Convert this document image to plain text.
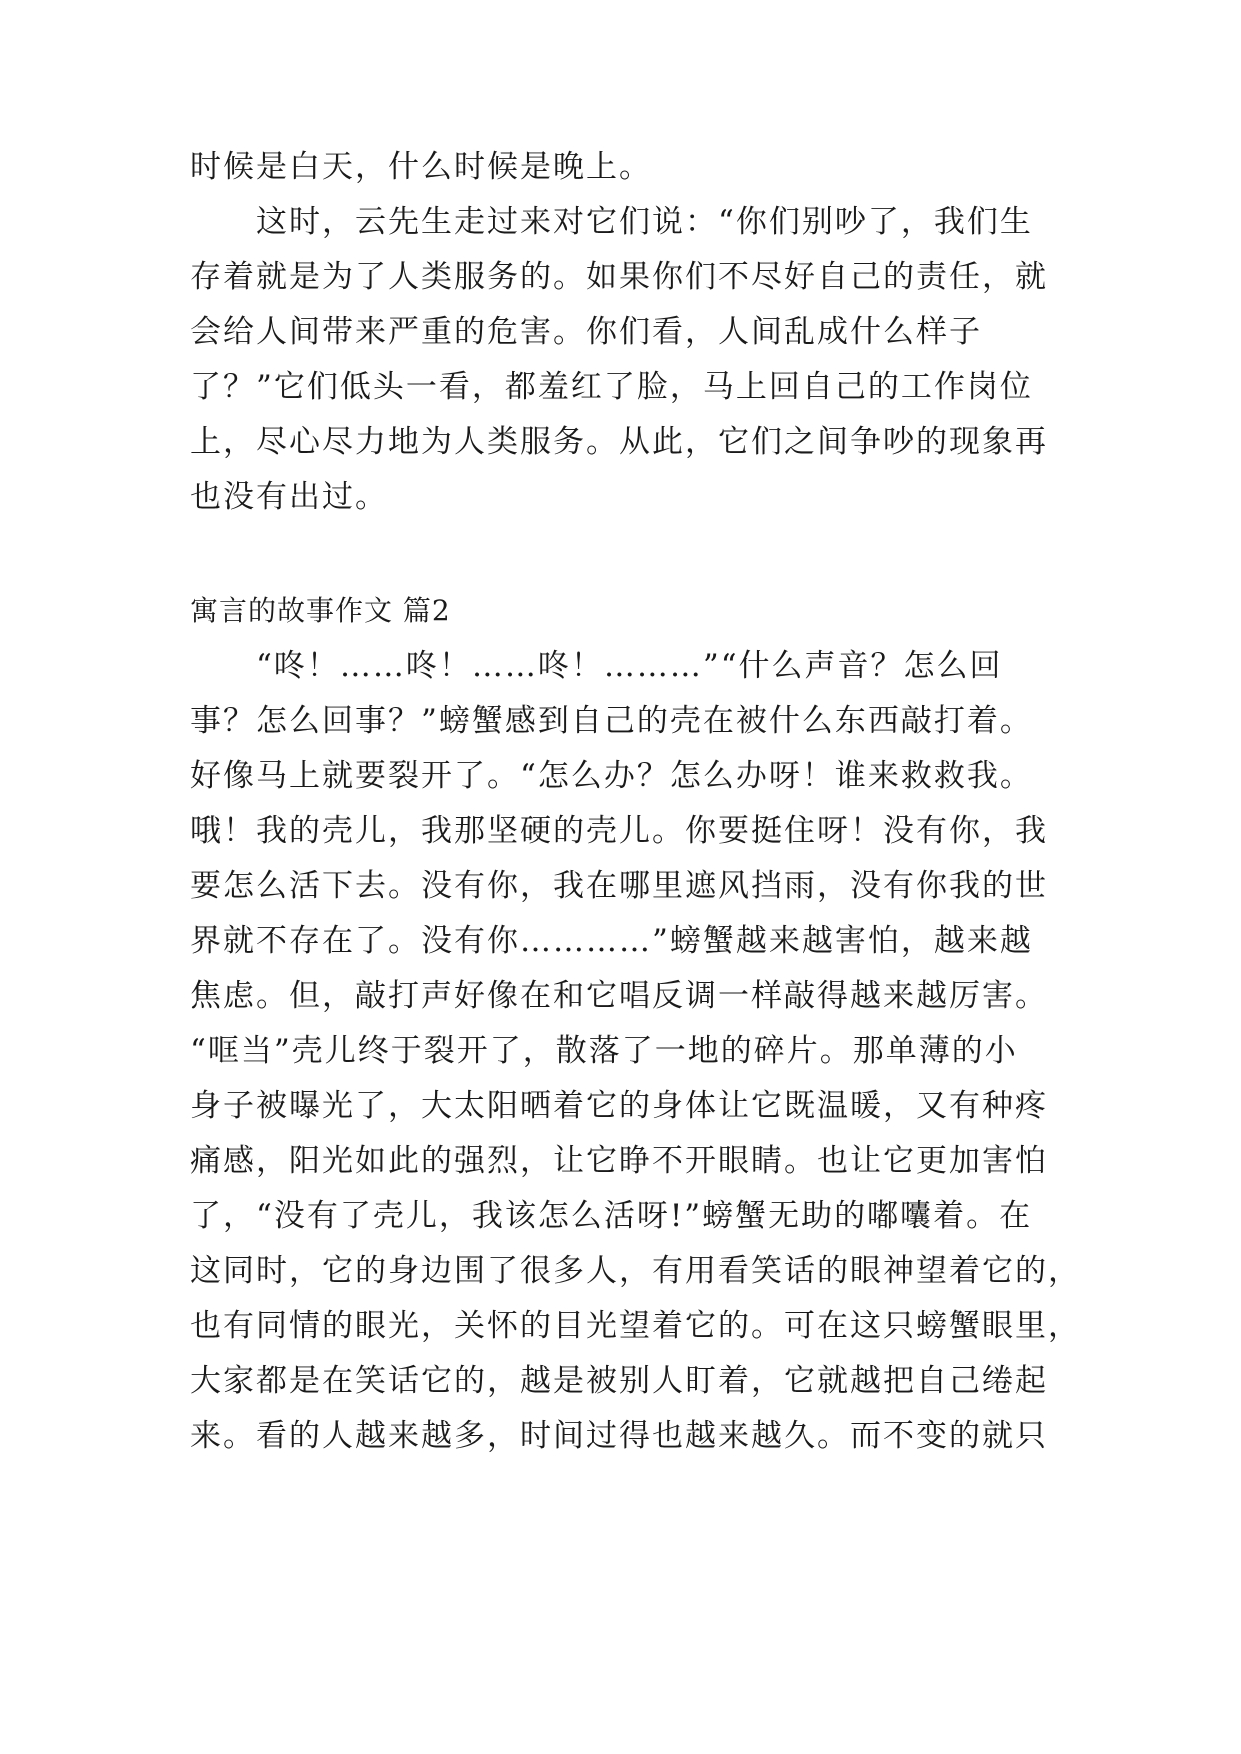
时候是白天，什么时候是晚上。
　　这时，云先生走过来对它们说：“你们别吵了，我们生
存着就是为了人类服务的。如果你们不尽好自己的责任，就
会给人间带来严重的危害。你们看，人间乱成什么样子
了？”它们低头一看，都羞红了脸，马上回自己的工作岗位
上，尽心尽力地为人类服务。从此，它们之间争吵的现象再
也没有出过。
寓言的故事作文 篇2
　　“咚！……咚！……咚！………”“什么声音？怎么回
事？怎么回事？”螃蟹感到自己的壳在被什么东西敲打着。
好像马上就要裂开了。“怎么办？怎么办呀！谁来救救我。
哦！我的壳儿，我那坚硬的壳儿。你要挺住呀！没有你，我
要怎么活下去。没有你，我在哪里遮风挡雨，没有你我的世
界就不存在了。没有你…………”螃蟹越来越害怕，越来越
焦虑。但，敲打声好像在和它唱反调一样敲得越来越厉害。
“哐当”壳儿终于裂开了，散落了一地的碎片。那单薄的小
身子被曝光了，大太阳晒着它的身体让它既温暖，又有种疼
痛感，阳光如此的强烈，让它睁不开眼睛。也让它更加害怕
了，“没有了壳儿，我该怎么活呀!”螃蟹无助的嘟囔着。在
这同时，它的身边围了很多人，有用看笑话的眼神望着它的，
也有同情的眼光，关怀的目光望着它的。可在这只螃蟹眼里，
大家都是在笑话它的，越是被别人盯着，它就越把自己绻起
来。看的人越来越多，时间过得也越来越久。而不变的就只
